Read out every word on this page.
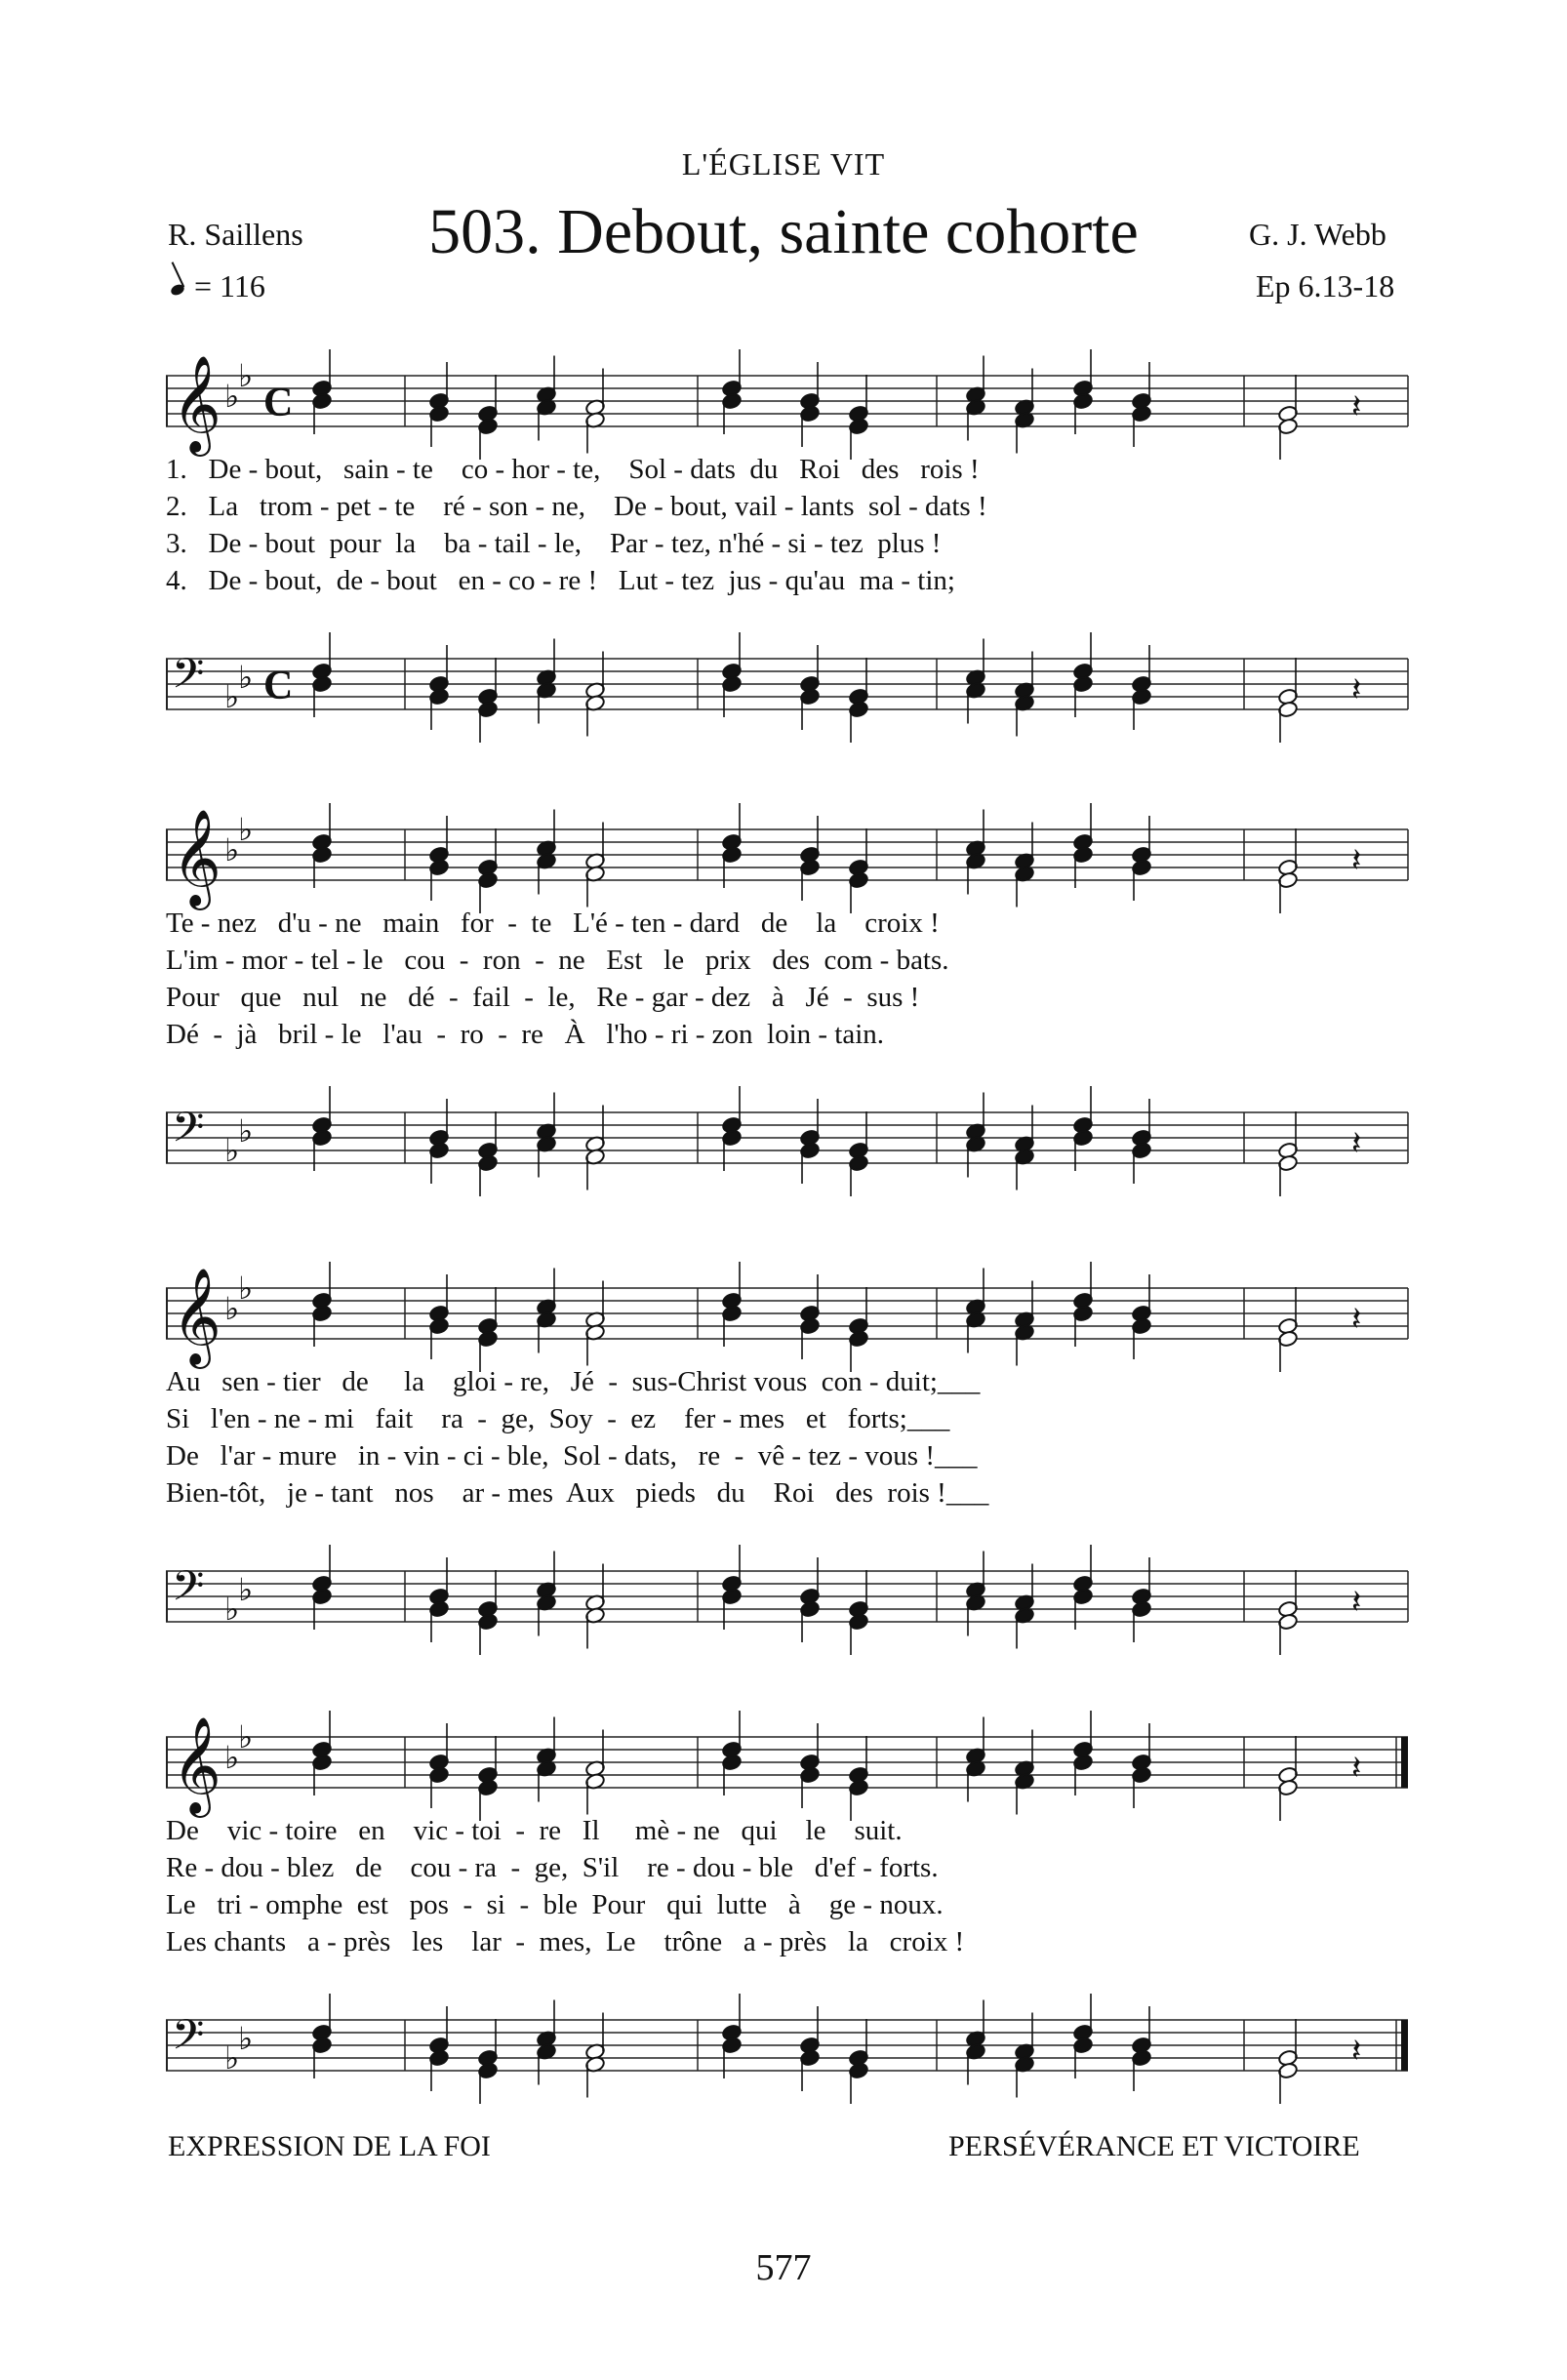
L'ÉGLISE VIT
503. Debout, sainte cohorte
R. Saillens	G. J. Webb
Ep 6.13-18
= 116
𝄞 ♭
♭
C	𝄽
1.   De - bout,   sain - te    co - hor - te,    Sol - dats  du   Roi   des   rois !
2.   La   trom - pet - te    ré - son - ne,    De - bout, vail - lants  sol - dats !
3.   De - bout  pour  la    ba - tail - le,    Par - tez, n'hé - si - tez  plus !
4.   De - bout,  de - bout   en - co - re !   Lut - tez  jus - qu'au  ma - tin;
𝄢 ♭
♭ C	𝄽
𝄞 ♭
♭
𝄽
Te - nez   d'u - ne   main   for  -  te   L'é - ten - dard   de    la    croix !
L'im - mor - tel - le   cou  -  ron  -  ne   Est   le   prix   des  com - bats.
Pour   que   nul   ne   dé  -  fail  -  le,   Re - gar - dez   à   Jé  -  sus !
Dé  -  jà   bril - le   l'au  -  ro  -  re   À   l'ho - ri - zon  loin - tain.
𝄢 ♭
♭	𝄽
𝄞 ♭
♭
𝄽
Au   sen - tier   de     la    gloi - re,   Jé  -  sus-Christ vous  con - duit;___
Si   l'en - ne - mi   fait    ra  -  ge,  Soy  -  ez    fer - mes   et   forts;___
De   l'ar - mure   in - vin - ci - ble,  Sol - dats,   re  -  vê - tez - vous !___
Bien-tôt,   je - tant   nos    ar - mes  Aux   pieds   du    Roi   des  rois !___
𝄢 ♭
♭	𝄽
𝄞 ♭
♭
𝄽
De    vic - toire   en    vic - toi  -  re   Il     mè - ne   qui    le    suit.
Re - dou - blez   de    cou - ra  -  ge,  S'il    re - dou - ble   d'ef - forts.
Le   tri - omphe  est   pos  -  si  -  ble  Pour   qui  lutte   à    ge - noux.
Les chants   a - près   les    lar  -  mes,  Le    trône   a - près   la   croix !
𝄢 ♭
♭	𝄽
EXPRESSION DE LA FOI	PERSÉVÉRANCE ET VICTOIRE
577
